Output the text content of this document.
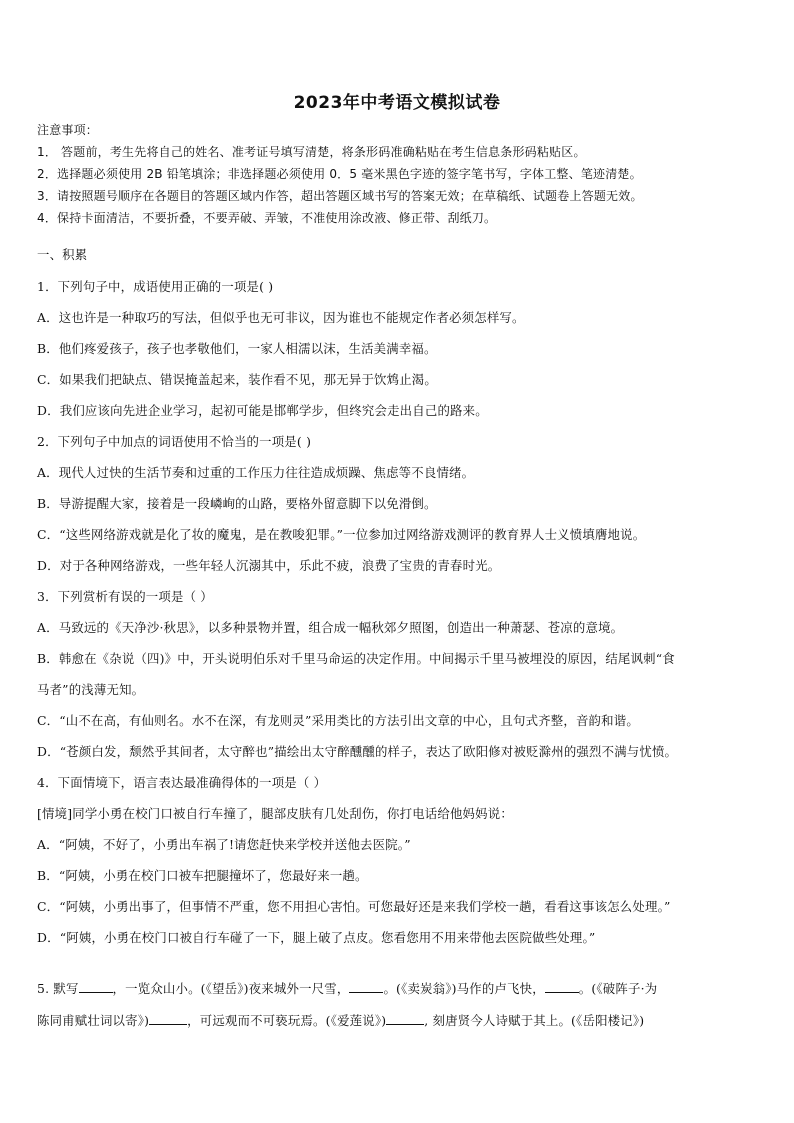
2023年中考语文模拟试卷
注意事项：
1． 答题前，考生先将自己的姓名、准考证号填写清楚，将条形码准确粘贴在考生信息条形码粘贴区。
2．选择题必须使用 2B 铅笔填涂；非选择题必须使用 0．5 毫米黑色字迹的签字笔书写，字体工整、笔迹清楚。
3．请按照题号顺序在各题目的答题区域内作答，超出答题区域书写的答案无效；在草稿纸、试题卷上答题无效。
4．保持卡面清洁，不要折叠，不要弄破、弄皱，不准使用涂改液、修正带、刮纸刀。
一、积累
1．下列句子中，成语使用正确的一项是( )
A．这也许是一种取巧的写法，但似乎也无可非议，因为谁也不能规定作者必须怎样写。
B．他们疼爱孩子，孩子也孝敬他们，一家人相濡以沫，生活美满幸福。
C．如果我们把缺点、错误掩盖起来，装作看不见，那无异于饮鸩止渴。
D．我们应该向先进企业学习，起初可能是邯郸学步，但终究会走出自己的路来。
2．下列句子中加点的词语使用不恰当的一项是( )
A．现代人过快的生活节奏和过重的工作压力往往造成烦躁、焦虑等不良情绪。
B．导游提醒大家，接着是一段嶙峋的山路，要格外留意脚下以免滑倒。
C．“这些网络游戏就是化了妆的魔鬼，是在教唆犯罪。”一位参加过网络游戏测评的教育界人士义愤填膺地说。
D．对于各种网络游戏，一些年轻人沉溺其中，乐此不疲，浪费了宝贵的青春时光。
3．下列赏析有误的一项是（ ）
A．马致远的《天净沙·秋思》，以多种景物并置，组合成一幅秋郊夕照图，创造出一种萧瑟、苍凉的意境。
B．韩愈在《杂说（四)》中，开头说明伯乐对千里马命运的决定作用。中间揭示千里马被埋没的原因，结尾讽刺“食
马者”的浅薄无知。
C．“山不在高，有仙则名。水不在深，有龙则灵”采用类比的方法引出文章的中心，且句式齐整，音韵和谐。
D．“苍颜白发，颓然乎其间者，太守醉也”描绘出太守醉醺醺的样子，表达了欧阳修对被贬滁州的强烈不满与忧愤。
4．下面情境下，语言表达最准确得体的一项是（ ）
[情境]同学小勇在校门口被自行车撞了，腿部皮肤有几处刮伤，你打电话给他妈妈说：
A．“阿姨，不好了，小勇出车祸了!请您赶快来学校并送他去医院。”
B．“阿姨，小勇在校门口被车把腿撞坏了，您最好来一趟。
C．“阿姨，小勇出事了，但事情不严重，您不用担心害怕。可您最好还是来我们学校一趟，看看这事该怎么处理。”
D．“阿姨，小勇在校门口被自行车碰了一下，腿上破了点皮。您看您用不用来带他去医院做些处理。”
5. 默写	，一览众山小。(《望岳》)夜来城外一尺雪，	。(《卖炭翁》)马作的卢飞快，	。(《破阵子·为
陈同甫赋壮词以寄》)	，可远观而不可亵玩焉。(《爱莲说》)	, 刻唐贤今人诗赋于其上。(《岳阳楼记》)
